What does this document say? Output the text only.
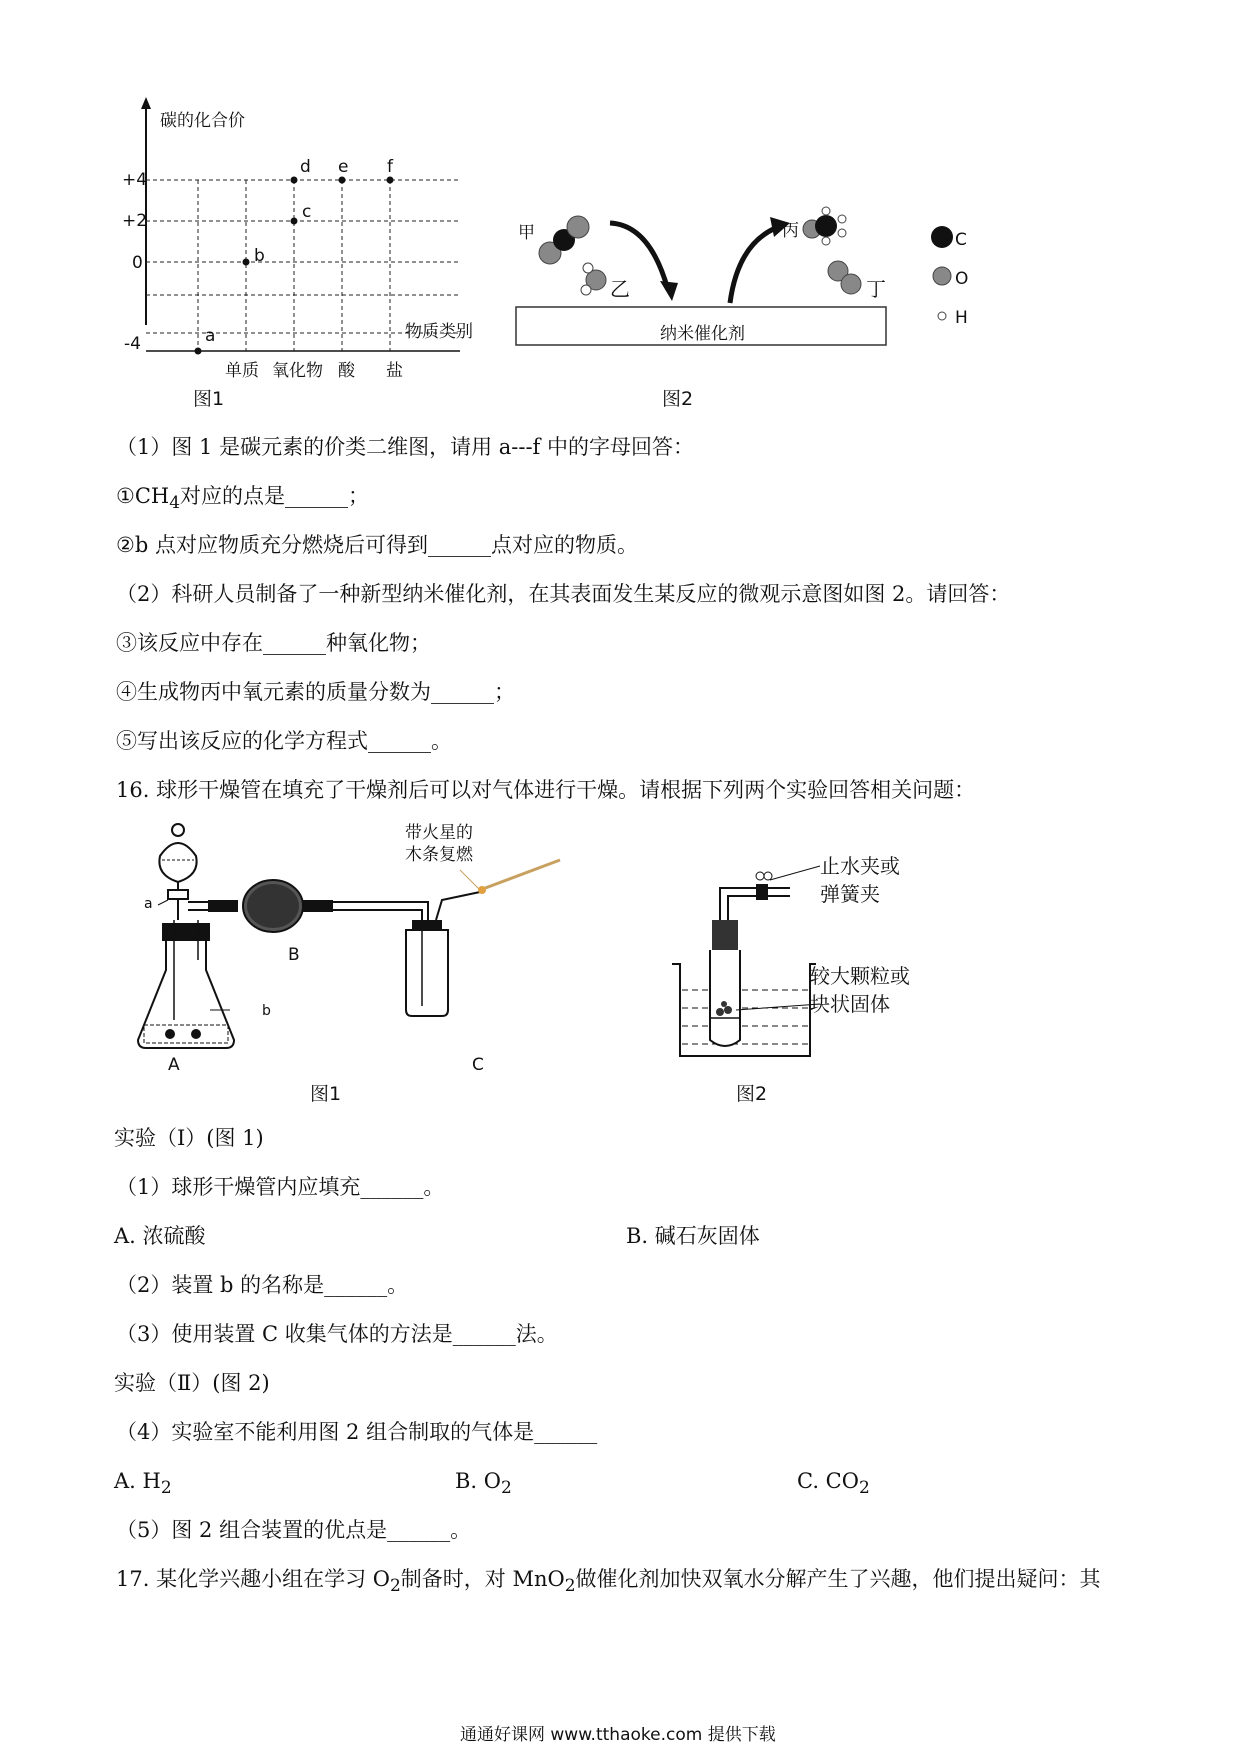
碳的化合价
+4
+2
0
-4	a
b
c
d e f
物质类别
单质 氧化物 酸 盐
图1
甲
乙
丙
丁
纳米催化剂
C
O
H
图2
（1）图 1 是碳元素的价类二维图，请用 a---f 中的字母回答：
$①CH_4$对应的点是______；
②b 点对应物质充分燃烧后可得到______点对应的物质。
（2）科研人员制备了一种新型纳米催化剂，在其表面发生某反应的微观示意图如图 2。请回答：
③该反应中存在______种氧化物；
④生成物丙中氧元素的质量分数为______；
⑤写出该反应的化学方程式______。
16. 球形干燥管在填充了干燥剂后可以对气体进行干燥。请根据下列两个实验回答相关问题：
a
b
A
B
C
带火星的
木条复燃
图1
止水夹或
弹簧夹
较大颗粒或
块状固体
图2
实验（Ⅰ）(图 1)
（1）球形干燥管内应填充______。
A. 浓硫酸	B. 碱石灰固体
（2）装置 b 的名称是______。
（3）使用装置 C 收集气体的方法是______法。
实验（Ⅱ）(图 2)
（4）实验室不能利用图 2 组合制取的气体是______
A. $H_2$	B. $O_2$	C. $CO_2$
（5）图 2 组合装置的优点是______。
17. 某化学兴趣小组在学习 $O_2$制备时，对 MnO$_2$做催化剂加快双氧水分解产生了兴趣，他们提出疑问：其
通通好课网 www.tthaoke.com 提供下载
